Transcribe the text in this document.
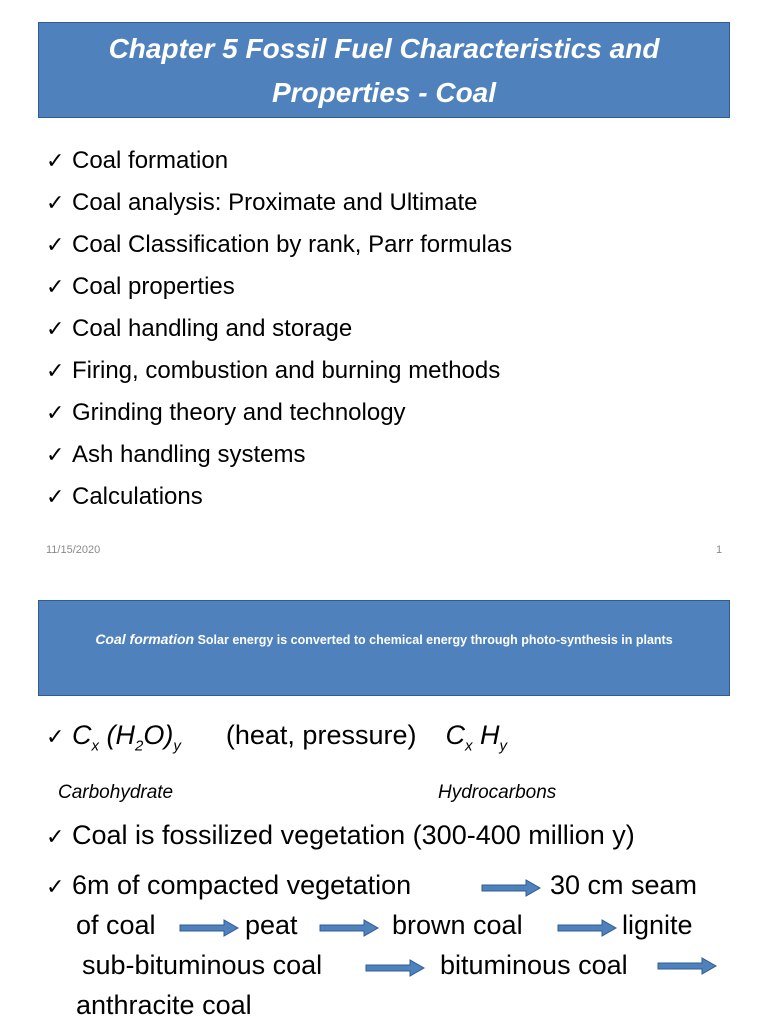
Chapter 5 Fossil Fuel Characteristics and
Properties - Coal
✓ Coal formation
✓ Coal analysis: Proximate and Ultimate
✓ Coal Classification by rank, Parr formulas
✓ Coal properties
✓ Coal handling and storage
✓ Firing, combustion and burning methods
✓ Grinding theory and technology
✓ Ash handling systems
✓ Calculations
11/15/2020	1
Coal formation Solar energy is converted to chemical energy through photo-synthesis in plants
✓ $C_x$ $(H_2O)_y$ (heat, pressure) $C_x$ $H_y$
Carbohydrate	Hydrocarbons
✓ Coal is fossilized vegetation (300-400 million y)
✓ 6m of compacted vegetation	30 cm seam
of coal	peat	brown coal	lignite
sub-bituminous coal	bituminous coal
anthracite coal
